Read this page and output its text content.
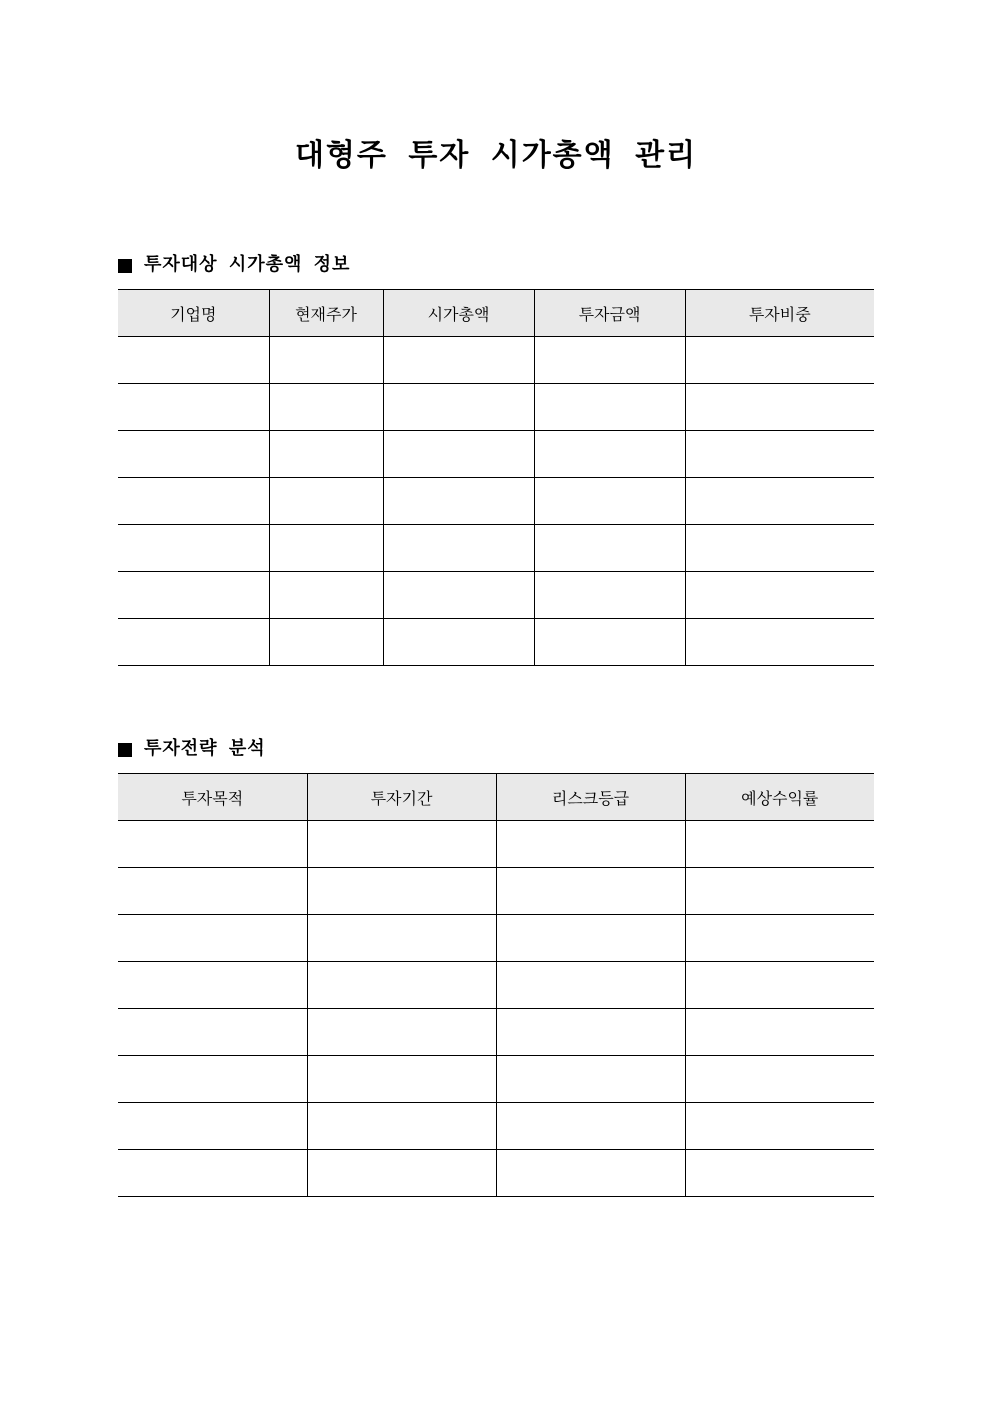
대형주 투자 시가총액 관리
투자대상 시가총액 정보
기업명	현재주가	시가총액	투자금액	투자비중

투자전략 분석
투자목적	투자기간	리스크등급	예상수익률
